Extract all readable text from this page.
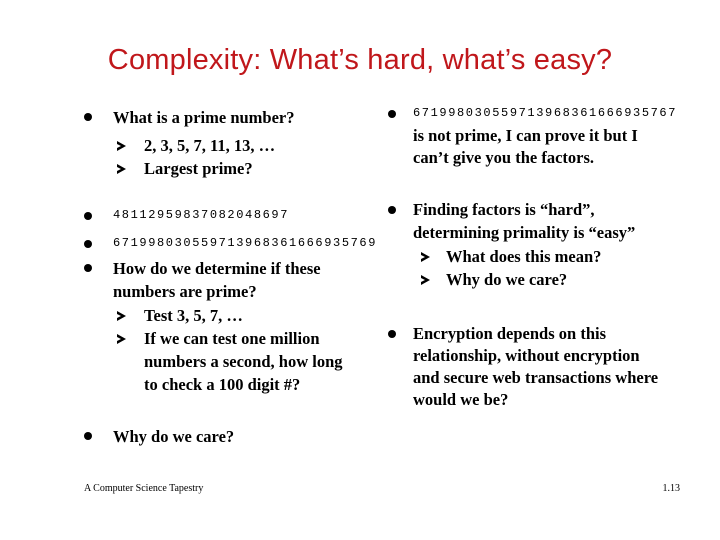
Complexity: What’s hard, what’s easy?
What is a prime number?
2, 3, 5, 7, 11, 13, …
Largest prime?
48112959837082048697
671998030559713968361666935769
How do we determine if these
numbers are prime?
Test 3, 5, 7, …
If we can test one million
numbers a second, how long
to check a 100 digit #?
Why do we care?
671998030559713968361666935767
is not prime, I can prove it but I
can’t give you the factors.
Finding factors is “hard”,
determining primality is “easy”
What does this mean?
Why do we care?
Encryption depends on this
relationship, without encryption
and secure web transactions where
would we be?
A Computer Science Tapestry	1.13
